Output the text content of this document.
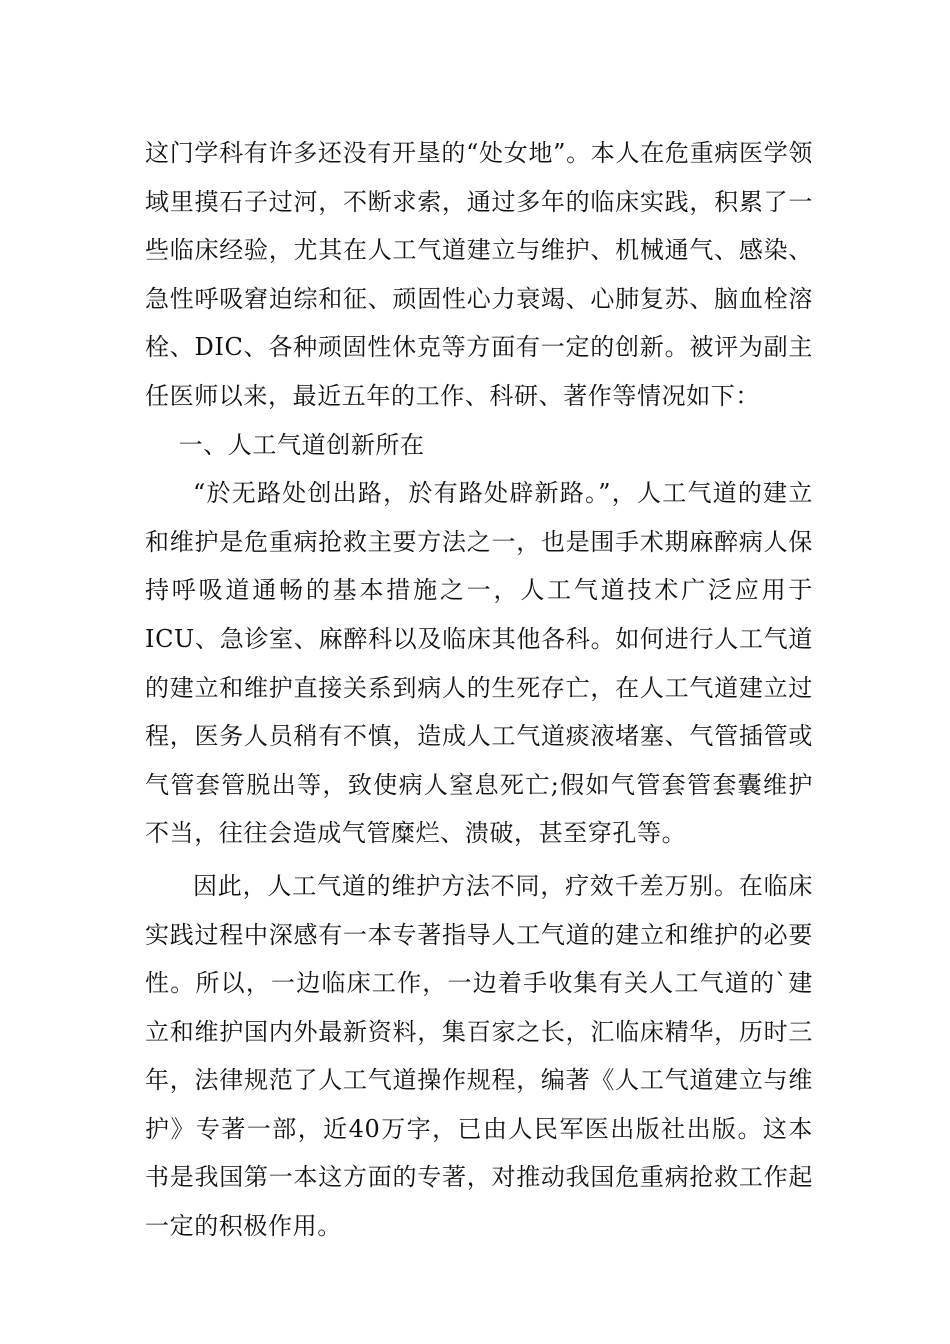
这门学科有许多还没有开垦的“处女地”。本人在危重病医学领域里摸石子过河，不断求索，通过多年的临床实践，积累了一些临床经验，尤其在人工气道建立与维护、机械通气、感染、急性呼吸窘迫综和征、顽固性心力衰竭、心肺复苏、脑血栓溶栓、DIC、各种顽固性休克等方面有一定的创新。被评为副主任医师以来，最近五年的工作、科研、著作等情况如下：

一、人工气道创新所在

“於无路处创出路，於有路处辟新路。”，人工气道的建立和维护是危重病抢救主要方法之一，也是围手术期麻醉病人保持呼吸道通畅的基本措施之一，人工气道技术广泛应用于ICU、急诊室、麻醉科以及临床其他各科。如何进行人工气道的建立和维护直接关系到病人的生死存亡，在人工气道建立过程，医务人员稍有不慎，造成人工气道痰液堵塞、气管插管或气管套管脱出等，致使病人窒息死亡;假如气管套管套囊维护不当，往往会造成气管糜烂、溃破，甚至穿孔等。

因此，人工气道的维护方法不同，疗效千差万别。在临床实践过程中深感有一本专著指导人工气道的建立和维护的必要性。所以，一边临床工作，一边着手收集有关人工气道的`建立和维护国内外最新资料，集百家之长，汇临床精华，历时三年，法律规范了人工气道操作规程，编著《人工气道建立与维护》专著一部，近40万字，已由人民军医出版社出版。这本书是我国第一本这方面的专著，对推动我国危重病抢救工作起一定的积极作用。
